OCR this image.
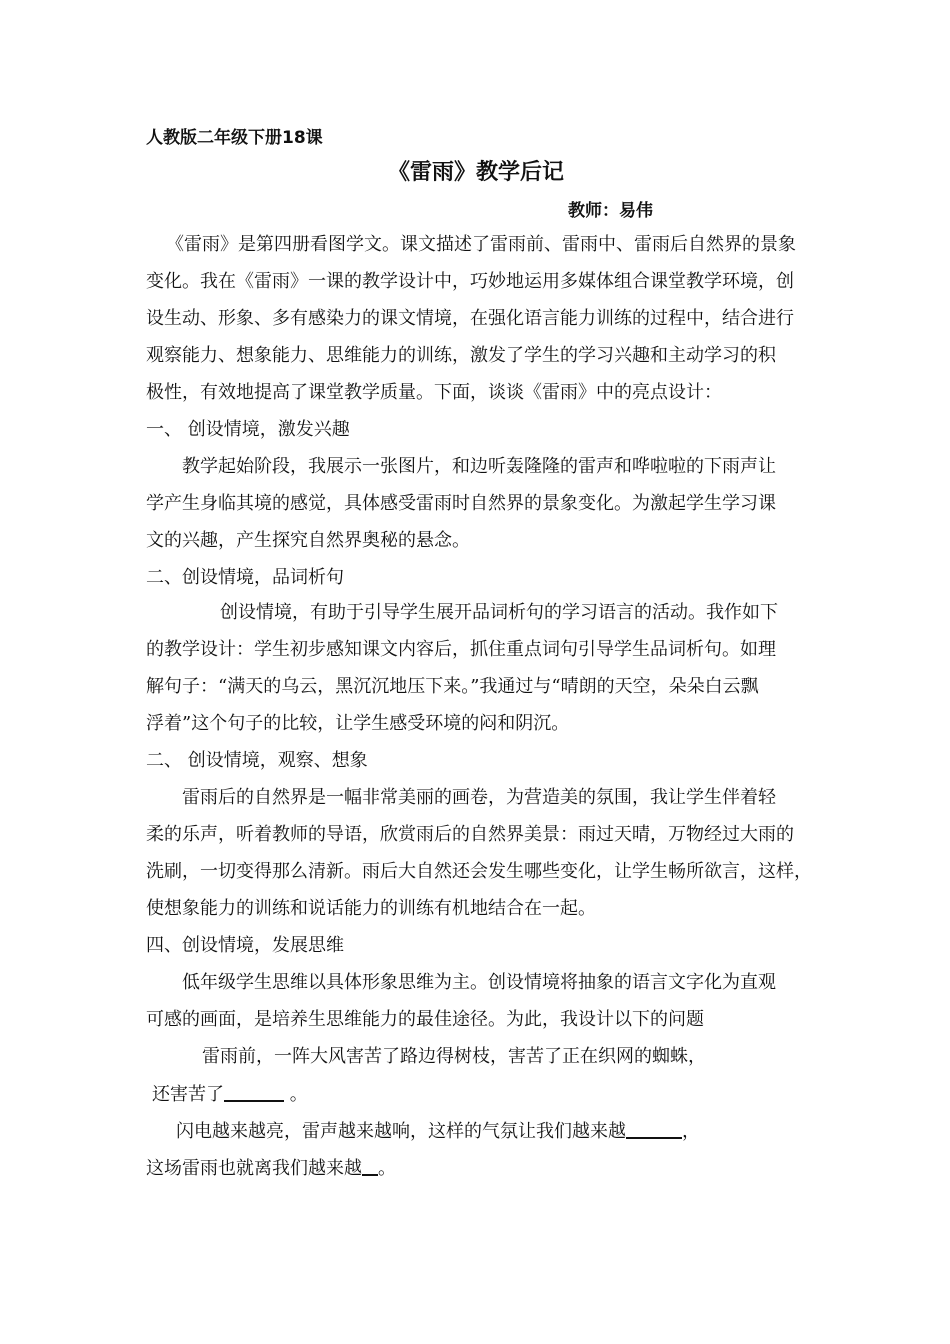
人教版二年级下册18课
《雷雨》教学后记
教师：易伟
《雷雨》是第四册看图学文。课文描述了雷雨前、雷雨中、雷雨后自然界的景象
变化。我在《雷雨》一课的教学设计中，巧妙地运用多媒体组合课堂教学环境，创
设生动、形象、多有感染力的课文情境，在强化语言能力训练的过程中，结合进行
观察能力、想象能力、思维能力的训练，激发了学生的学习兴趣和主动学习的积
极性，有效地提高了课堂教学质量。下面，谈谈《雷雨》中的亮点设计：
一、 创设情境，激发兴趣
教学起始阶段，我展示一张图片，和边听轰隆隆的雷声和哗啦啦的下雨声让
学产生身临其境的感觉，具体感受雷雨时自然界的景象变化。为激起学生学习课
文的兴趣，产生探究自然界奥秘的悬念。
二、创设情境，品词析句
创设情境，有助于引导学生展开品词析句的学习语言的活动。我作如下
的教学设计：学生初步感知课文内容后，抓住重点词句引导学生品词析句。如理
解句子：“满天的乌云，黑沉沉地压下来。”我通过与“晴朗的天空，朵朵白云飘
浮着”这个句子的比较，让学生感受环境的闷和阴沉。
二、 创设情境，观察、想象
雷雨后的自然界是一幅非常美丽的画卷，为营造美的氛围，我让学生伴着轻
柔的乐声，听着教师的导语，欣赏雨后的自然界美景：雨过天晴，万物经过大雨的
洗刷，一切变得那么清新。雨后大自然还会发生哪些变化，让学生畅所欲言，这样，
使想象能力的训练和说话能力的训练有机地结合在一起。
四、创设情境，发展思维
低年级学生思维以具体形象思维为主。创设情境将抽象的语言文字化为直观
可感的画面，是培养生思维能力的最佳途径。为此，我设计以下的问题
雷雨前，一阵大风害苦了路边得树枝，害苦了正在织网的蜘蛛，
还害苦了	。
闪电越来越亮，雷声越来越响，这样的气氛让我们越来越	，
这场雷雨也就离我们越来越 。
